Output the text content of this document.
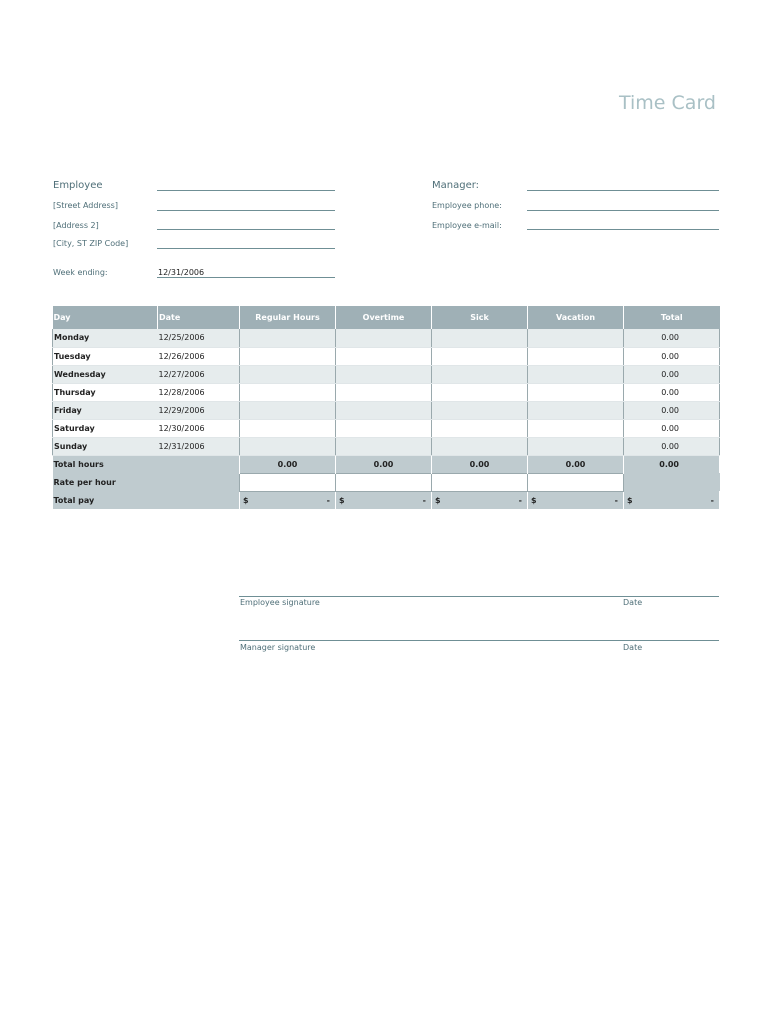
Time Card
Employee
[Street Address]
[Address 2]
[City, ST ZIP Code]
Week ending:	12/31/2006
Manager:
Employee phone:
Employee e-mail:
Day	Date	Regular Hours	Overtime	Sick	Vacation	Total
Monday	12/25/2006					0.00
Tuesday	12/26/2006					0.00
Wednesday	12/27/2006					0.00
Thursday	12/28/2006					0.00
Friday	12/29/2006					0.00
Saturday	12/30/2006					0.00
Sunday	12/31/2006					0.00
Total hours		0.00	0.00	0.00	0.00	0.00
Rate per hour						
Total pay		$ -	$ -	$ -	$ -	$ -
Employee signature	Date
Manager signature	Date
